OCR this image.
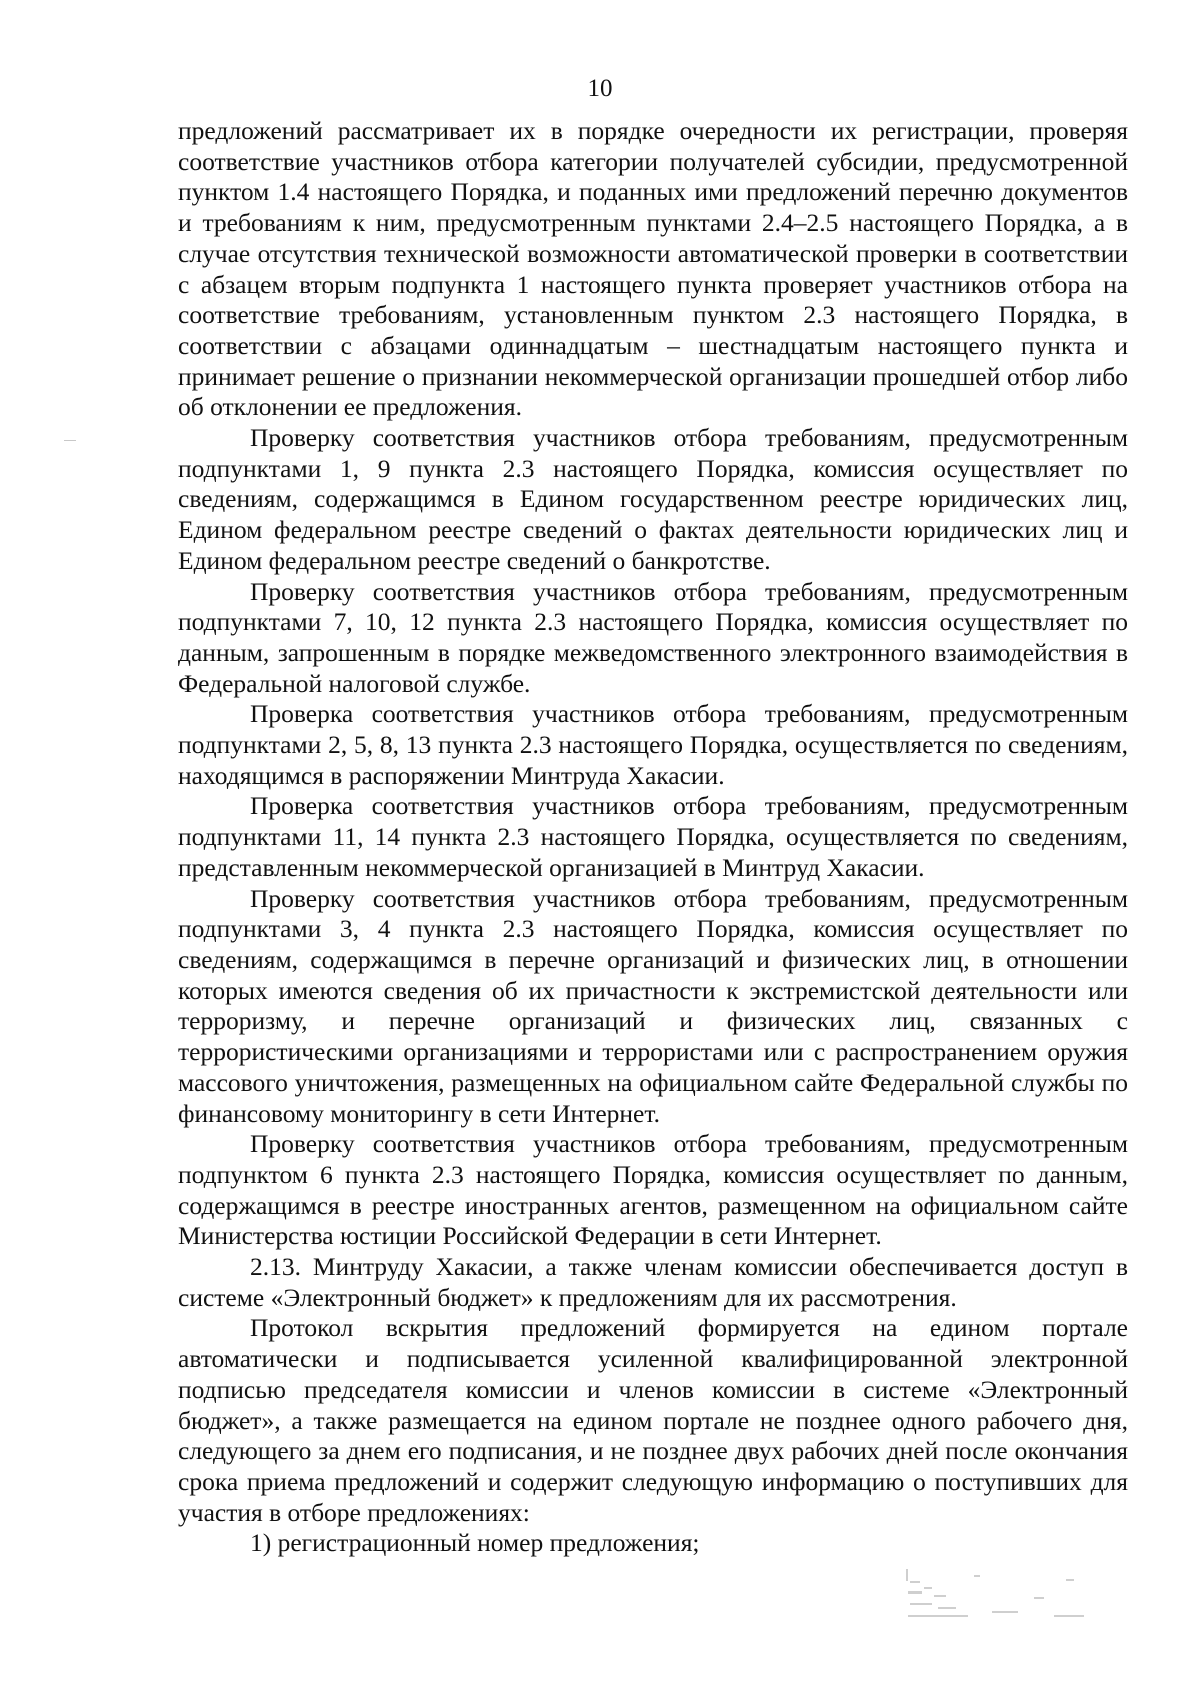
10

предложений рассматривает их в порядке очередности их регистрации, проверяя соответствие участников отбора категории получателей субсидии, предусмотренной пунктом 1.4 настоящего Порядка, и поданных ими предложений перечню документов и требованиям к ним, предусмотренным пунктами 2.4–2.5 настоящего Порядка, а в случае отсутствия технической возможности автоматической проверки в соответствии с абзацем вторым подпункта 1 настоящего пункта проверяет участников отбора на соответствие требованиям, установленным пунктом 2.3 настоящего Порядка, в соответствии с абзацами одиннадцатым – шестнадцатым настоящего пункта и принимает решение о признании некоммерческой организации прошедшей отбор либо об отклонении ее предложения.

Проверку соответствия участников отбора требованиям, предусмотренным подпунктами 1, 9 пункта 2.3 настоящего Порядка, комиссия осуществляет по сведениям, содержащимся в Едином государственном реестре юридических лиц, Едином федеральном реестре сведений о фактах деятельности юридических лиц и Едином федеральном реестре сведений о банкротстве.

Проверку соответствия участников отбора требованиям, предусмотренным подпунктами 7, 10, 12 пункта 2.3 настоящего Порядка, комиссия осуществляет по данным, запрошенным в порядке межведомственного электронного взаимодействия в Федеральной налоговой службе.

Проверка соответствия участников отбора требованиям, предусмотренным подпунктами 2, 5, 8, 13 пункта 2.3 настоящего Порядка, осуществляется по сведениям, находящимся в распоряжении Минтруда Хакасии.

Проверка соответствия участников отбора требованиям, предусмотренным подпунктами 11, 14 пункта 2.3 настоящего Порядка, осуществляется по сведениям, представленным некоммерческой организацией в Минтруд Хакасии.

Проверку соответствия участников отбора требованиям, предусмотренным подпунктами 3, 4 пункта 2.3 настоящего Порядка, комиссия осуществляет по сведениям, содержащимся в перечне организаций и физических лиц, в отношении которых имеются сведения об их причастности к экстремистской деятельности или терроризму, и перечне организаций и физических лиц, связанных с террористическими организациями и террористами или с распространением оружия массового уничтожения, размещенных на официальном сайте Федеральной службы по финансовому мониторингу в сети Интернет.

Проверку соответствия участников отбора требованиям, предусмотренным подпунктом 6 пункта 2.3 настоящего Порядка, комиссия осуществляет по данным, содержащимся в реестре иностранных агентов, размещенном на официальном сайте Министерства юстиции Российской Федерации в сети Интернет.

2.13. Минтруду Хакасии, а также членам комиссии обеспечивается доступ в системе «Электронный бюджет» к предложениям для их рассмотрения.

Протокол вскрытия предложений формируется на едином портале автоматически и подписывается усиленной квалифицированной электронной подписью председателя комиссии и членов комиссии в системе «Электронный бюджет», а также размещается на едином портале не позднее одного рабочего дня, следующего за днем его подписания, и не позднее двух рабочих дней после окончания срока приема предложений и содержит следующую информацию о поступивших для участия в отборе предложениях:

1) регистрационный номер предложения;
